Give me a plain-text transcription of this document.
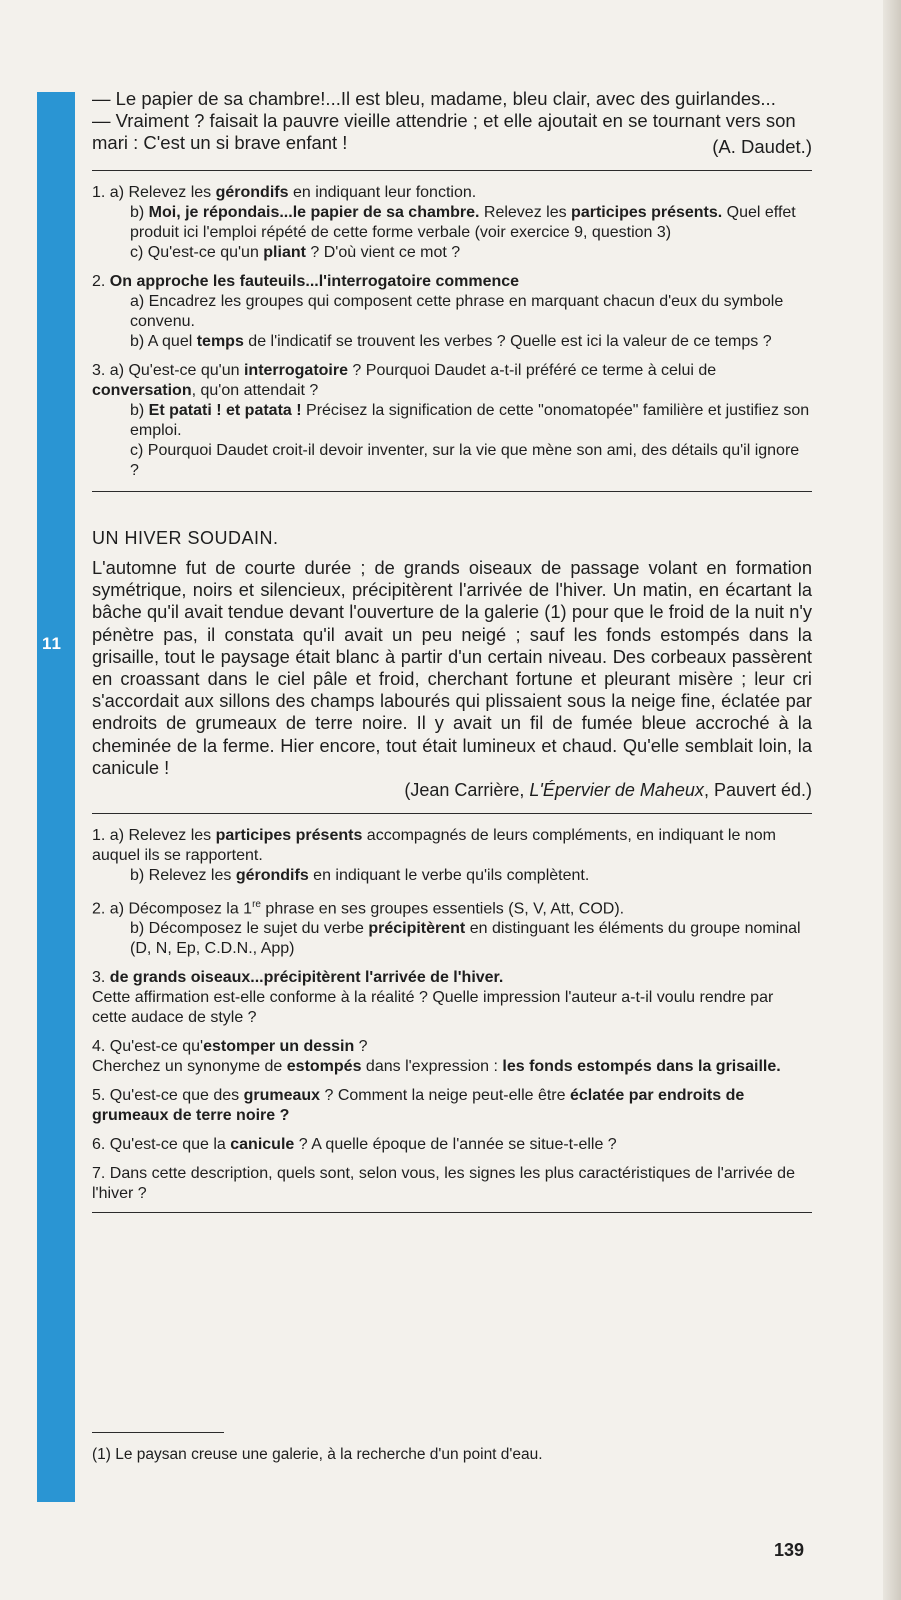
11

— Le papier de sa chambre!...Il est bleu, madame, bleu clair, avec des guirlandes...

— Vraiment ? faisait la pauvre vieille attendrie ; et elle ajoutait en se tournant vers son mari : C'est un si brave enfant !	(A. Daudet.)

1. a) Relevez les gérondifs en indiquant leur fonction.

b) Moi, je répondais...le papier de sa chambre. Relevez les participes présents. Quel effet produit ici l'emploi répété de cette forme verbale (voir exercice 9, question 3)

c) Qu'est-ce qu'un pliant ? D'où vient ce mot ?

2. On approche les fauteuils...l'interrogatoire commence

a) Encadrez les groupes qui composent cette phrase en marquant chacun d'eux du symbole convenu.

b) A quel temps de l'indicatif se trouvent les verbes ? Quelle est ici la valeur de ce temps ?

3. a) Qu'est-ce qu'un interrogatoire ? Pourquoi Daudet a-t-il préféré ce terme à celui de conversation, qu'on attendait ?

b) Et patati ! et patata ! Précisez la signification de cette "onomatopée" familière et justifiez son emploi.

c) Pourquoi Daudet croit-il devoir inventer, sur la vie que mène son ami, des détails qu'il ignore ?

UN HIVER SOUDAIN.

L'automne fut de courte durée ; de grands oiseaux de passage volant en formation symétrique, noirs et silencieux, précipitèrent l'arrivée de l'hiver. Un matin, en écartant la bâche qu'il avait tendue devant l'ouverture de la galerie (1) pour que le froid de la nuit n'y pénètre pas, il constata qu'il avait un peu neigé ; sauf les fonds estompés dans la grisaille, tout le paysage était blanc à partir d'un certain niveau. Des corbeaux passèrent en croassant dans le ciel pâle et froid, cherchant fortune et pleurant misère ; leur cri s'accordait aux sillons des champs labourés qui plissaient sous la neige fine, éclatée par endroits de grumeaux de terre noire. Il y avait un fil de fumée bleue accroché à la cheminée de la ferme. Hier encore, tout était lumineux et chaud. Qu'elle semblait loin, la canicule !

(Jean Carrière, L'Épervier de Maheux, Pauvert éd.)

1. a) Relevez les participes présents accompagnés de leurs compléments, en indiquant le nom auquel ils se rapportent.

b) Relevez les gérondifs en indiquant le verbe qu'ils complètent.

2. a) Décomposez la 1re phrase en ses groupes essentiels (S, V, Att, COD).

b) Décomposez le sujet du verbe précipitèrent en distinguant les éléments du groupe nominal (D, N, Ep, C.D.N., App)

3. de grands oiseaux...précipitèrent l'arrivée de l'hiver.

Cette affirmation est-elle conforme à la réalité ? Quelle impression l'auteur a-t-il voulu rendre par cette audace de style ?

4. Qu'est-ce qu'estomper un dessin ?

Cherchez un synonyme de estompés dans l'expression : les fonds estompés dans la grisaille.

5. Qu'est-ce que des grumeaux ? Comment la neige peut-elle être éclatée par endroits de grumeaux de terre noire ?

6. Qu'est-ce que la canicule ? A quelle époque de l'année se situe-t-elle ?

7. Dans cette description, quels sont, selon vous, les signes les plus caractéristiques de l'arrivée de l'hiver ?

(1) Le paysan creuse une galerie, à la recherche d'un point d'eau.
139
